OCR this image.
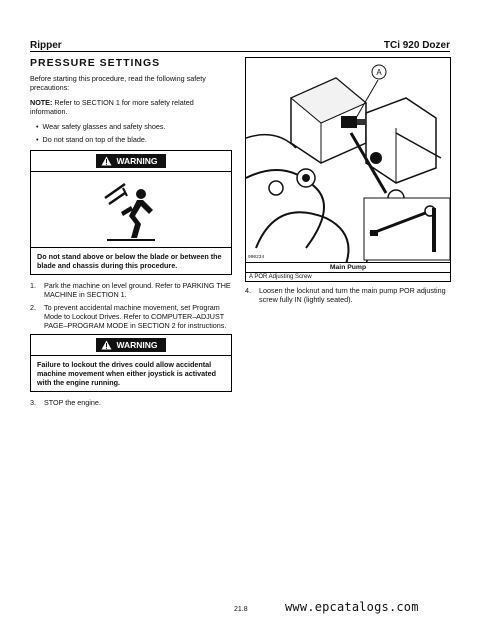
Ripper	TCi 920 Dozer
PRESSURE SETTINGS
Before starting this procedure, read the following safety precautions:
NOTE: Refer to SECTION 1 for more safety related information.
• Wear safety glasses and safety shoes.
• Do not stand on top of the blade.
WARNING
Do not stand above or below the blade or between the blade and chassis during this procedure.
1.	Park the machine on level ground. Refer to PARKING THE MACHINE in SECTION 1.
2.	To prevent accidental machine movement, set Program Mode to Lockout Drives. Refer to COMPUTER–ADJUST PAGE–PROGRAM MODE in SECTION 2 for instructions.
WARNING
Failure to lockout the drives could allow accidental machine movement when either joystick is activated with the engine running.
3.	STOP the engine.
A
900234
Main Pump
A POR Adjusting Screw
4.	Loosen the locknut and turn the main pump POR adjusting screw fully IN (lightly seated).
21.8	www.epcatalogs.com
